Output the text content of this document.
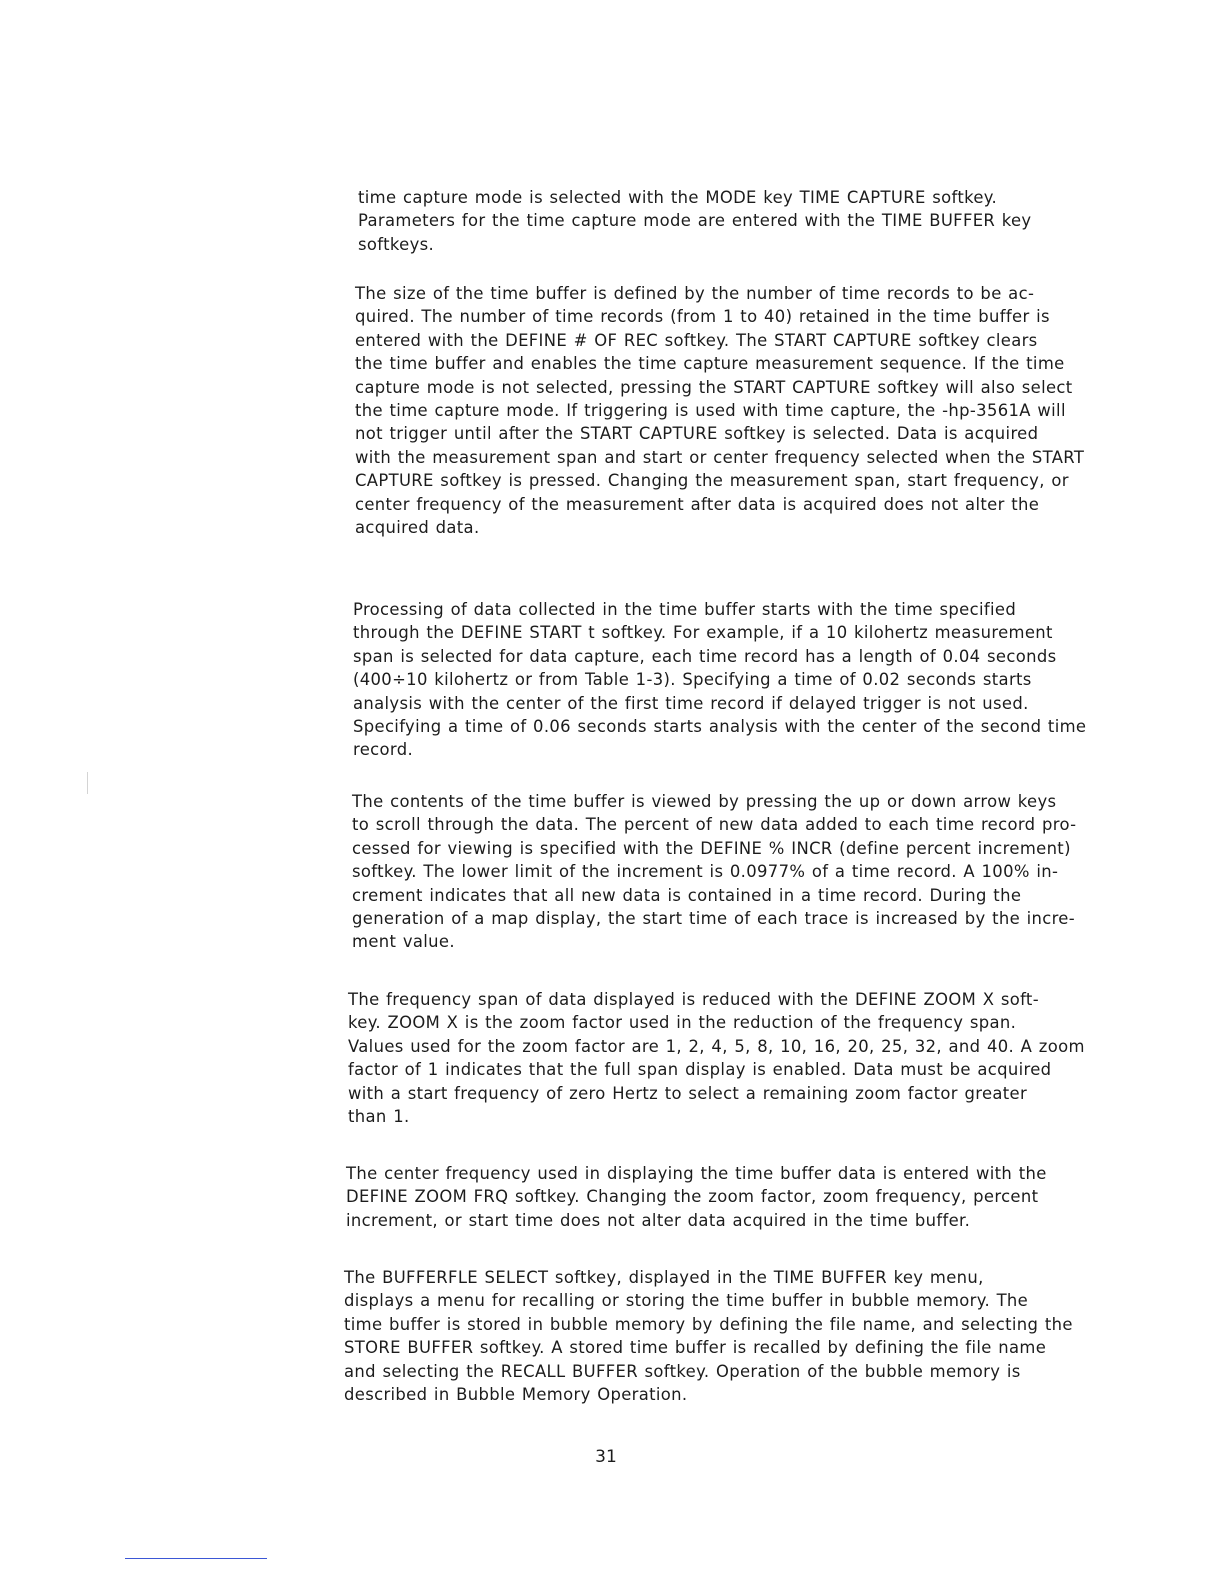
time capture mode is selected with the MODE key TIME CAPTURE softkey.
Parameters for the time capture mode are entered with the TIME BUFFER key
softkeys.
The size of the time buffer is defined by the number of time records to be ac-
quired. The number of time records (from 1 to 40) retained in the time buffer is
entered with the DEFINE # OF REC softkey. The START CAPTURE softkey clears
the time buffer and enables the time capture measurement sequence. If the time
capture mode is not selected, pressing the START CAPTURE softkey will also select
the time capture mode. If triggering is used with time capture, the -hp-3561A will
not trigger until after the START CAPTURE softkey is selected. Data is acquired
with the measurement span and start or center frequency selected when the START
CAPTURE softkey is pressed. Changing the measurement span, start frequency, or
center frequency of the measurement after data is acquired does not alter the
acquired data.
Processing of data collected in the time buffer starts with the time specified
through the DEFINE START t softkey. For example, if a 10 kilohertz measurement
span is selected for data capture, each time record has a length of 0.04 seconds
(400÷10 kilohertz or from Table 1-3). Specifying a time of 0.02 seconds starts
analysis with the center of the first time record if delayed trigger is not used.
Specifying a time of 0.06 seconds starts analysis with the center of the second time
record.
The contents of the time buffer is viewed by pressing the up or down arrow keys
to scroll through the data. The percent of new data added to each time record pro-
cessed for viewing is specified with the DEFINE % INCR (define percent increment)
softkey. The lower limit of the increment is 0.0977% of a time record. A 100% in-
crement indicates that all new data is contained in a time record. During the
generation of a map display, the start time of each trace is increased by the incre-
ment value.
The frequency span of data displayed is reduced with the DEFINE ZOOM X soft-
key. ZOOM X is the zoom factor used in the reduction of the frequency span.
Values used for the zoom factor are 1, 2, 4, 5, 8, 10, 16, 20, 25, 32, and 40. A zoom
factor of 1 indicates that the full span display is enabled. Data must be acquired
with a start frequency of zero Hertz to select a remaining zoom factor greater
than 1.
The center frequency used in displaying the time buffer data is entered with the
DEFINE ZOOM FRQ softkey. Changing the zoom factor, zoom frequency, percent
increment, or start time does not alter data acquired in the time buffer.
The BUFFERFLE SELECT softkey, displayed in the TIME BUFFER key menu,
displays a menu for recalling or storing the time buffer in bubble memory. The
time buffer is stored in bubble memory by defining the file name, and selecting the
STORE BUFFER softkey. A stored time buffer is recalled by defining the file name
and selecting the RECALL BUFFER softkey. Operation of the bubble memory is
described in Bubble Memory Operation.
31
